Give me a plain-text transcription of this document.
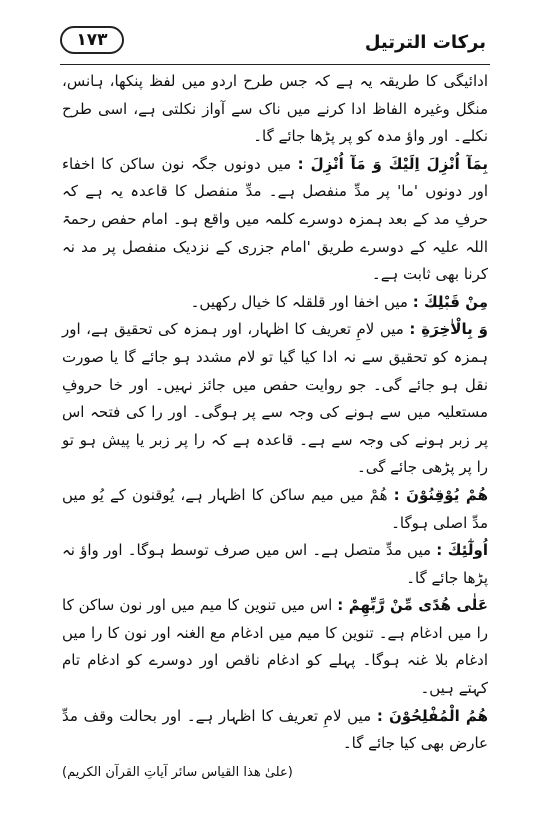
برکات الترتیل
۱۷۳

ادائیگی کا طریقہ یہ ہے کہ جس طرح اردو میں لفظ پنکھا، ہانس، منگل وغیرہ الفاظ ادا کرنے میں ناک سے آواز نکلتی ہے، اسی طرح نکلے۔ اور واؤ مدہ کو پر پڑھا جائے گا۔

بِمَآ اُنْزِلَ اِلَيْكَ وَ مَآ اُنْزِلَ : میں دونوں جگہ نون ساکن کا اخفاء اور دونوں 'ما' پر مدِّ منفصل ہے۔ مدِّ منفصل کا قاعدہ یہ ہے کہ حرفِ مد کے بعد ہمزہ دوسرے کلمہ میں واقع ہو۔ امام حفص رحمۃ اللہ علیہ کے دوسرے طریق 'امام جزری کے نزدیک منفصل پر مد نہ کرنا بھی ثابت ہے۔

مِنْ قَبْلِكَ : میں اخفا اور قلقلہ کا خیال رکھیں۔

وَ بِالْاٰخِرَةِ : میں لامِ تعریف کا اظہار، اور ہمزہ کی تحقیق ہے، اور ہمزہ کو تحقیق سے نہ ادا کیا گیا تو لام مشدد ہو جائے گا یا صورت نقل ہو جائے گی۔ جو روایت حفص میں جائز نہیں۔ اور خا حروفِ مستعلیہ میں سے ہونے کی وجہ سے پر ہوگی۔ اور را کی فتحہ اس پر زبر ہونے کی وجہ سے ہے۔ قاعدہ ہے کہ را پر زبر یا پیش ہو تو را پر پڑھی جائے گی۔

هُمْ يُوْقِنُوْنَ : ھُمْ میں میم ساکن کا اظہار ہے، یُوقنون کے یُو میں مدِّ اصلی ہوگا۔

اُولٰٓئِكَ : میں مدِّ متصل ہے۔ اس میں صرف توسط ہوگا۔ اور واؤ نہ پڑھا جائے گا۔

عَلٰى هُدًى مِّنْ رَّبِّهِمْ : اس میں تنوین کا میم میں اور نون ساکن کا را میں ادغام ہے۔ تنوین کا میم میں ادغام مع الغنہ اور نون کا را میں ادغام بلا غنہ ہوگا۔ پہلے کو ادغام ناقص اور دوسرے کو ادغام تام کہتے ہیں۔

هُمُ الْمُفْلِحُوْنَ : میں لامِ تعریف کا اظہار ہے۔ اور بحالت وقف مدِّ عارض بھی کیا جائے گا۔
(علیٰ ھذا القیاس سائر آیاتِ القرآن الکریم)
